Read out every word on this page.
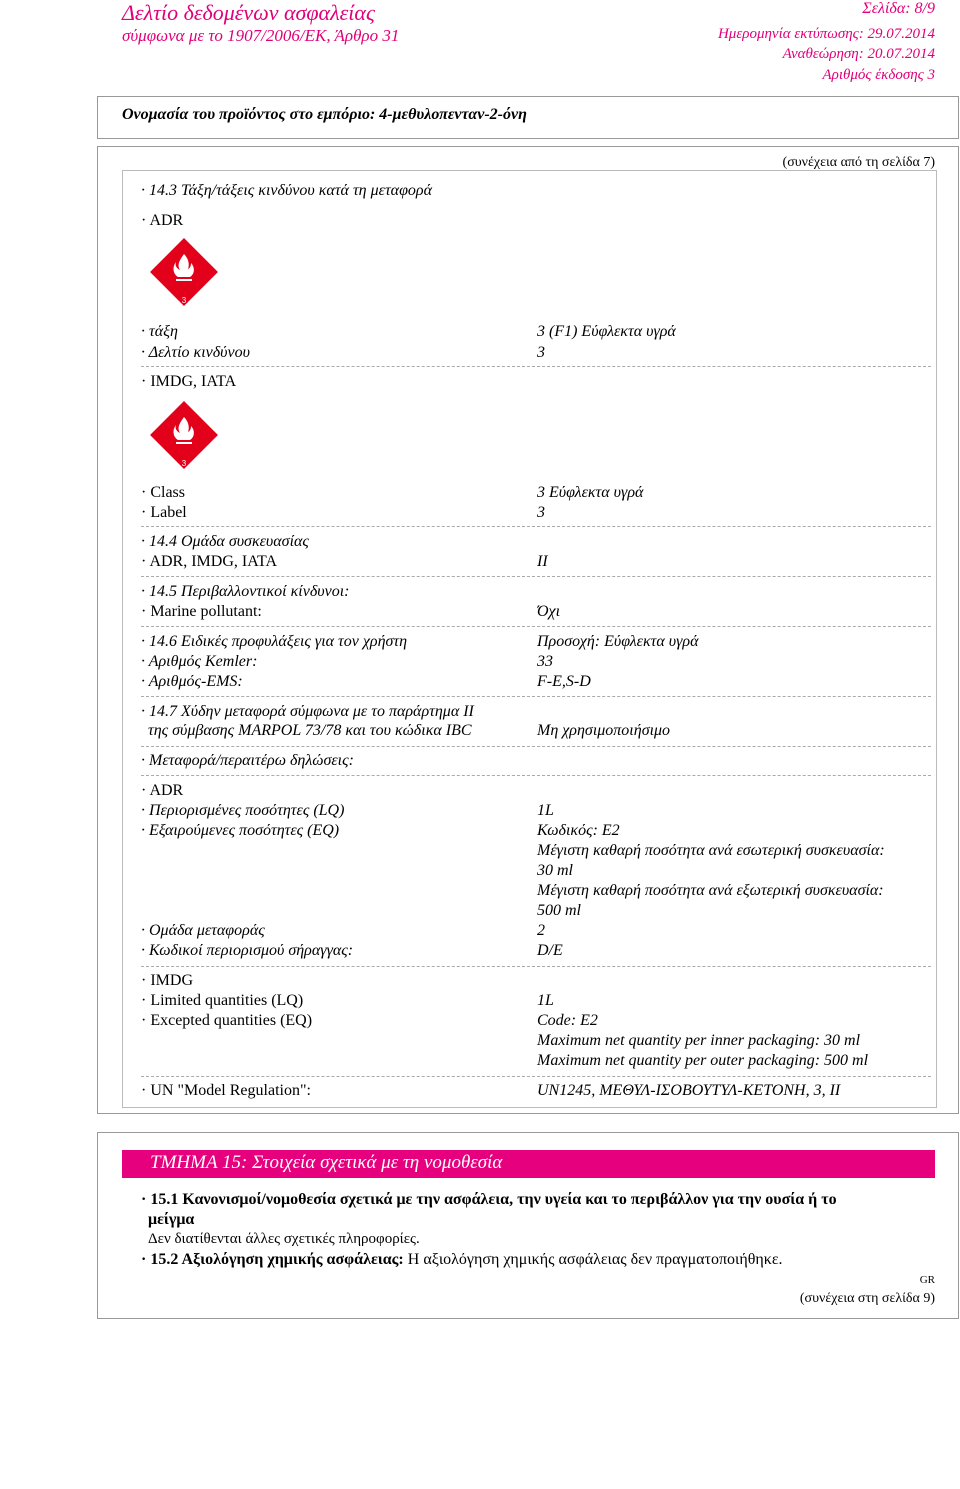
Δελτίο δεδομένων ασφαλείας
σύμφωνα με το 1907/2006/ΕΚ, Άρθρο 31
Σελίδα: 8/9
Ημερομηνία εκτύπωσης: 29.07.2014
Αναθεώρηση: 20.07.2014
Αριθμός έκδοσης 3
Ονομασία του προϊόντος στο εμπόριο: 4-μεθυλοπενταν-2-όνη
(συνέχεια από τη σελίδα 7)
· 14.3 Τάξη/τάξεις κινδύνου κατά τη μεταφορά
· ADR
3
· τάξη	3 (F1) Εύφλεκτα υγρά
· Δελτίο κινδύνου	3
· IMDG, IATA
3
· Class	3 Εύφλεκτα υγρά
· Label	3
· 14.4 Ομάδα συσκευασίας
· ADR, IMDG, IATA	II
· 14.5 Περιβαλλοντικοί κίνδυνοι:
· Marine pollutant:	Όχι
· 14.6 Ειδικές προφυλάξεις για τον χρήστη	Προσοχή: Εύφλεκτα υγρά
· Αριθμός Kemler:	33
· Αριθμός-EMS:	F-E,S-D
· 14.7 Χύδην μεταφορά σύμφωνα με το παράρτημα II
της σύμβασης MARPOL 73/78 και του κώδικα IBC	Μη χρησιμοποιήσιμο
· Μεταφορά/περαιτέρω δηλώσεις:
· ADR
· Περιορισμένες ποσότητες (LQ)	1L
· Εξαιρούμενες ποσότητες (EQ)	Κωδικός: E2
Μέγιστη καθαρή ποσότητα ανά εσωτερική συσκευασία:
30 ml
Μέγιστη καθαρή ποσότητα ανά εξωτερική συσκευασία:
500 ml
· Ομάδα μεταφοράς	2
· Κωδικοί περιορισμού σήραγγας:	D/E
· IMDG
· Limited quantities (LQ)	1L
· Excepted quantities (EQ)	Code: E2
Maximum net quantity per inner packaging: 30 ml
Maximum net quantity per outer packaging: 500 ml
· UN "Model Regulation":	UN1245, ΜΕΘΥΛ-ΙΣΟΒΟΥΤΥΛ-ΚΕΤΟΝΗ, 3, II
ΤΜΗΜΑ 15: Στοιχεία σχετικά με τη νομοθεσία
· 15.1 Κανονισμοί/νομοθεσία σχετικά με την ασφάλεια, την υγεία και το περιβάλλον για την ουσία ή το
μείγμα
Δεν διατίθενται άλλες σχετικές πληροφορίες.
· 15.2 Αξιολόγηση χημικής ασφάλειας: Η αξιολόγηση χημικής ασφάλειας δεν πραγματοποιήθηκε.
GR
(συνέχεια στη σελίδα 9)
